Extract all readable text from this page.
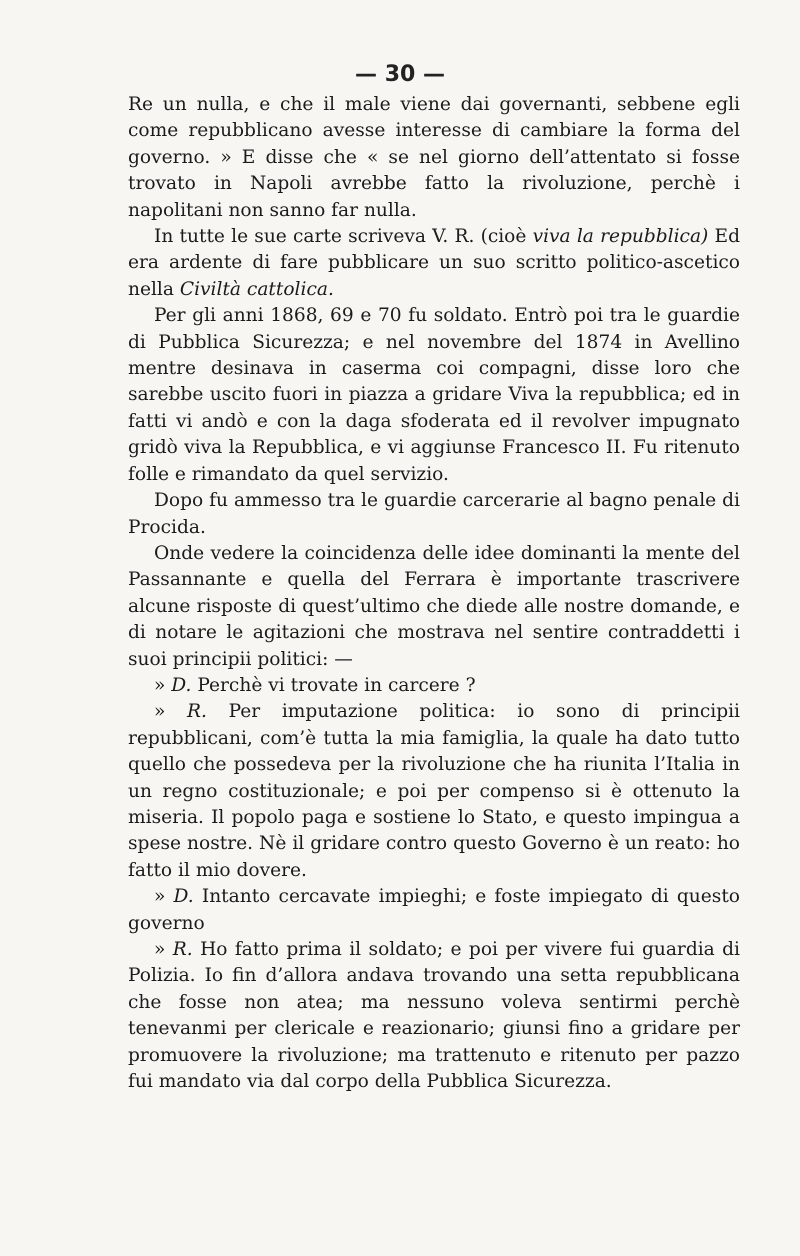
— 30 —

Re un nulla, e che il male viene dai governanti, sebbene egli come repubblicano avesse interesse di cambiare la forma del governo. » E disse che « se nel giorno dell’attentato si fosse trovato in Napoli avrebbe fatto la rivoluzione, perchè i napolitani non sanno far nulla.

In tutte le sue carte scriveva V. R. (cioè viva la repubblica) Ed era ardente di fare pubblicare un suo scritto politico-ascetico nella Civiltà cattolica.

Per gli anni 1868, 69 e 70 fu soldato. Entrò poi tra le guardie di Pubblica Sicurezza; e nel novembre del 1874 in Avellino mentre desinava in caserma coi compagni, disse loro che sarebbe uscito fuori in piazza a gridare Viva la repubblica; ed in fatti vi andò e con la daga sfoderata ed il revolver impugnato gridò viva la Repubblica, e vi aggiunse Francesco II. Fu ritenuto folle e rimandato da quel servizio.

Dopo fu ammesso tra le guardie carcerarie al bagno penale di Procida.

Onde vedere la coincidenza delle idee dominanti la mente del Passannante e quella del Ferrara è importante trascrivere alcune risposte di quest’ultimo che diede alle nostre domande, e di notare le agitazioni che mostrava nel sentire contraddetti i suoi principii politici: —

» D. Perchè vi trovate in carcere ?

» R. Per imputazione politica: io sono di principii repubblicani, com’è tutta la mia famiglia, la quale ha dato tutto quello che possedeva per la rivoluzione che ha riunita l’Italia in un regno costituzionale; e poi per compenso si è ottenuto la miseria. Il popolo paga e sostiene lo Stato, e questo impingua a spese nostre. Nè il gridare contro questo Governo è un reato: ho fatto il mio dovere.

» D. Intanto cercavate impieghi; e foste impiegato di questo governo

» R. Ho fatto prima il soldato; e poi per vivere fui guardia di Polizia. Io fin d’allora andava trovando una setta repubblicana che fosse non atea; ma nessuno voleva sentirmi perchè tenevanmi per clericale e reazionario; giunsi fino a gridare per promuovere la rivoluzione; ma trattenuto e ritenuto per pazzo fui mandato via dal corpo della Pubblica Sicurezza.
